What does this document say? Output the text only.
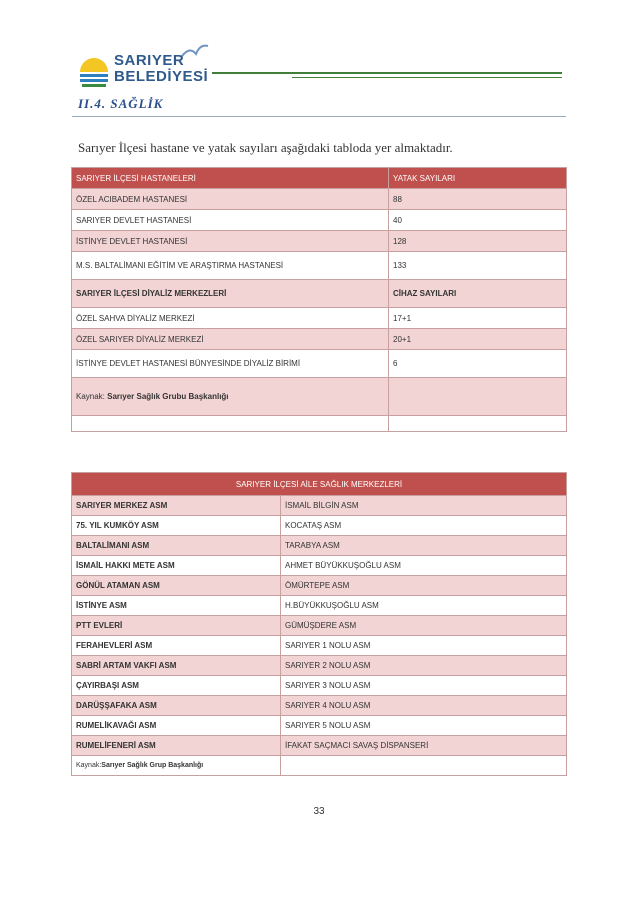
SARIYER
BELEDİYESİ
II.4. SAĞLİK
Sarıyer İlçesi hastane ve yatak sayıları aşağıdaki tabloda yer almaktadır.
SARIYER İLÇESİ HASTANELERİ	YATAK SAYILARI
ÖZEL ACIBADEM HASTANESİ	88
SARIYER DEVLET HASTANESİ	40
İSTİNYE DEVLET HASTANESİ	128
M.S. BALTALİMANI EĞİTİM VE ARAŞTIRMA HASTANESİ	133
SARIYER İLÇESİ DİYALİZ MERKEZLERİ	CİHAZ SAYILARI
ÖZEL SAHVA DİYALİZ MERKEZİ	17+1
ÖZEL SARIYER DİYALİZ MERKEZİ	20+1
İSTİNYE DEVLET HASTANESİ BÜNYESİNDE DİYALİZ BİRİMİ	6
Kaynak: Sarıyer Sağlık Grubu Başkanlığı	

SARIYER İLÇESİ AİLE SAĞLIK MERKEZLERİ	
SARIYER MERKEZ ASM	İSMAİL BİLGİN ASM
75. YIL KUMKÖY ASM	KOCATAŞ ASM
BALTALİMANI ASM	TARABYA ASM
İSMAİL HAKKI METE ASM	AHMET BÜYÜKKUŞOĞLU ASM
GÖNÜL ATAMAN ASM	ÖMÜRTEPE ASM
İSTİNYE ASM	H.BÜYÜKKUŞOĞLU ASM
PTT EVLERİ	GÜMÜŞDERE ASM
FERAHEVLERİ ASM	SARIYER 1 NOLU ASM
SABRİ ARTAM VAKFI ASM	SARIYER 2 NOLU ASM
ÇAYIRBAŞI ASM	SARIYER 3 NOLU ASM
DARÜŞŞAFAKA ASM	SARIYER 4 NOLU ASM
RUMELİKAVAĞI ASM	SARIYER 5 NOLU ASM
RUMELİFENERİ ASM	İFAKAT SAÇMACI SAVAŞ DİSPANSERİ
Kaynak:Sarıyer Sağlık Grup Başkanlığı	
33
